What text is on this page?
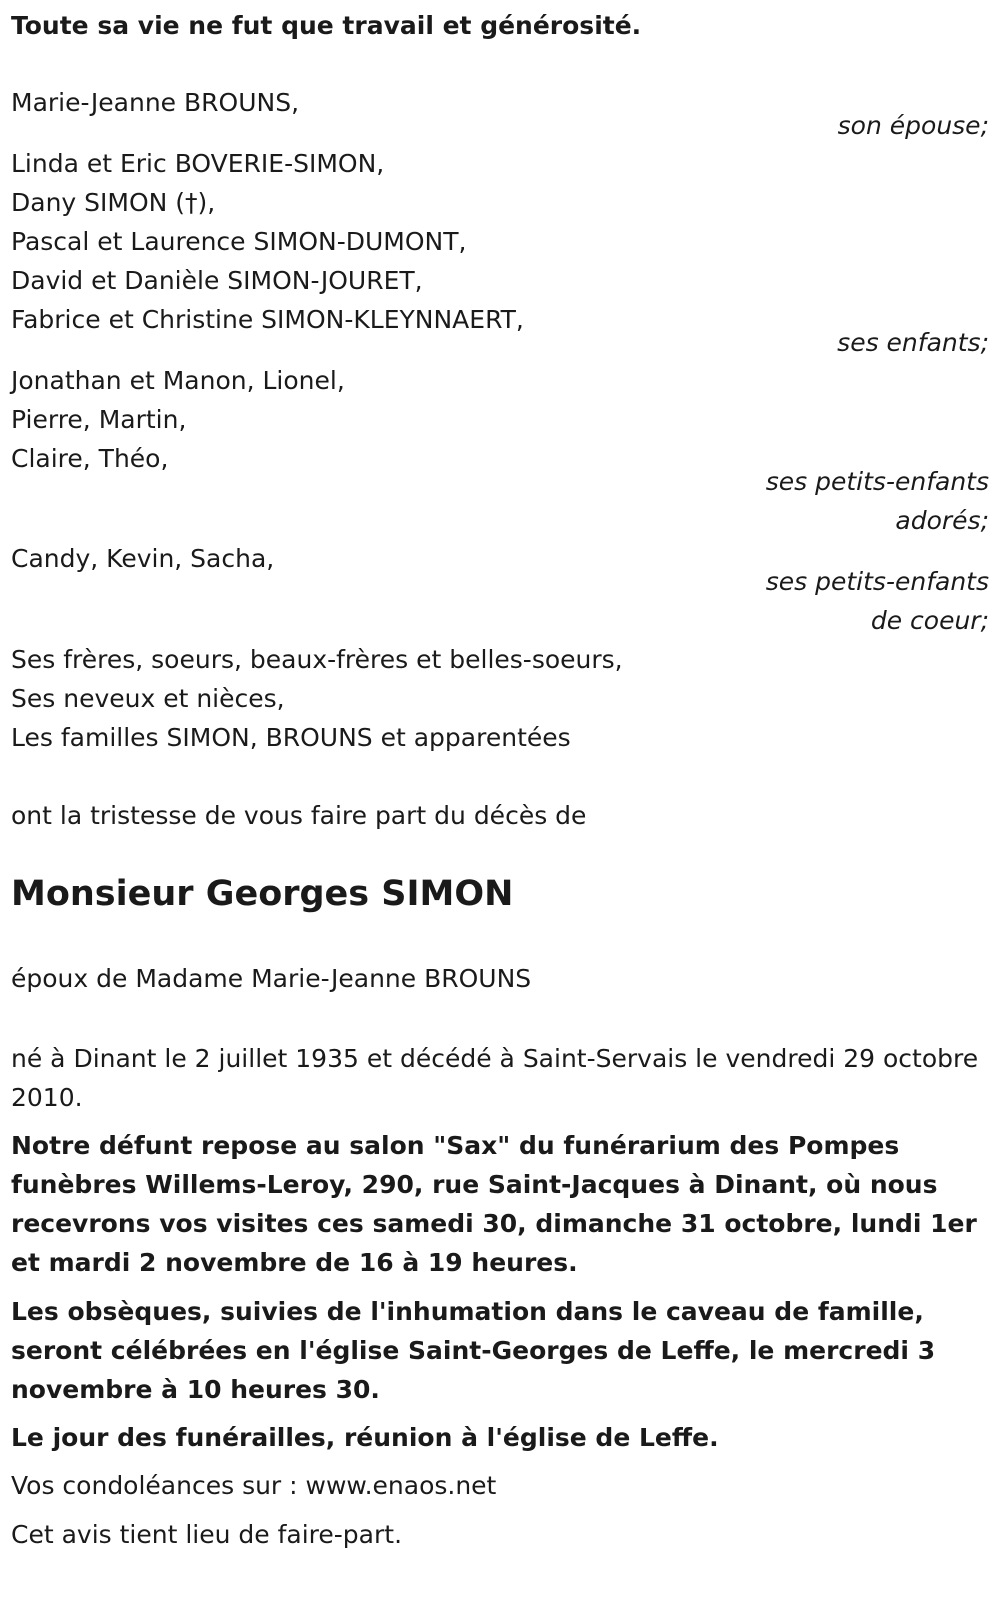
Toute sa vie ne fut que travail et générosité.
Marie-Jeanne BROUNS,
son épouse;
Linda et Eric BOVERIE-SIMON,
Dany SIMON (†),
Pascal et Laurence SIMON-DUMONT,
David et Danièle SIMON-JOURET,
Fabrice et Christine SIMON-KLEYNNAERT,
ses enfants;
Jonathan et Manon, Lionel,
Pierre, Martin,
Claire, Théo,
ses petits-enfants
adorés;
Candy, Kevin, Sacha,
ses petits-enfants
de coeur;
Ses frères, soeurs, beaux-frères et belles-soeurs,
Ses neveux et nièces,
Les familles SIMON, BROUNS et apparentées
ont la tristesse de vous faire part du décès de
Monsieur Georges SIMON
époux de Madame Marie-Jeanne BROUNS
né à Dinant le 2 juillet 1935 et décédé à Saint-Servais le vendredi 29 octobre 2010.
Notre défunt repose au salon "Sax" du funérarium des Pompes funèbres Willems-Leroy, 290, rue Saint-Jacques à Dinant, où nous recevrons vos visites ces samedi 30, dimanche 31 octobre, lundi 1er et mardi 2 novembre de 16 à 19 heures.
Les obsèques, suivies de l'inhumation dans le caveau de famille, seront célébrées en l'église Saint-Georges de Leffe, le mercredi 3 novembre à 10 heures 30.
Le jour des funérailles, réunion à l'église de Leffe.
Vos condoléances sur : www.enaos.net
Cet avis tient lieu de faire-part.
